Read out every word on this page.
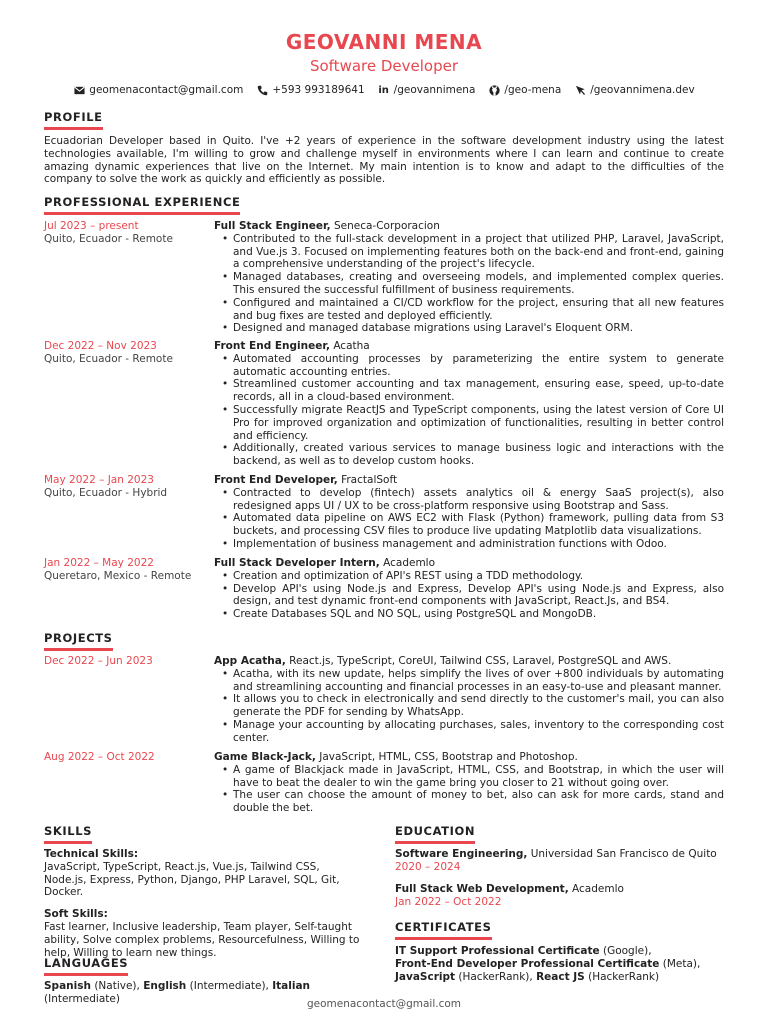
GEOVANNI MENA
Software Developer
geomenacontact@gmail.com	+593 993189641 in /geovannimena	/geo-mena	/geovannimena.dev
PROFILE
Ecuadorian Developer based in Quito. I've +2 years of experience in the software development industry using the latest technologies available, I'm willing to grow and challenge myself in environments where I can learn and continue to create amazing dynamic experiences that live on the Internet. My main intention is to know and adapt to the difficulties of the company to solve the work as quickly and efficiently as possible.
PROFESSIONAL EXPERIENCE
Jul 2023 – present
Quito, Ecuador - Remote
Full Stack Engineer, Seneca-Corporacion
• Contributed to the full-stack development in a project that utilized PHP, Laravel, JavaScript, and Vue.js 3. Focused on implementing features both on the back-end and front-end, gaining a comprehensive understanding of the project's lifecycle.
• Managed databases, creating and overseeing models, and implemented complex queries. This ensured the successful fulfillment of business requirements.
• Configured and maintained a CI/CD workflow for the project, ensuring that all new features and bug fixes are tested and deployed efficiently.
• Designed and managed database migrations using Laravel's Eloquent ORM.
Dec 2022 – Nov 2023
Quito, Ecuador - Remote
Front End Engineer, Acatha
• Automated accounting processes by parameterizing the entire system to generate automatic accounting entries.
• Streamlined customer accounting and tax management, ensuring ease, speed, up-to-date records, all in a cloud-based environment.
• Successfully migrate ReactJS and TypeScript components, using the latest version of Core UI Pro for improved organization and optimization of functionalities, resulting in better control and efficiency.
• Additionally, created various services to manage business logic and interactions with the backend, as well as to develop custom hooks.
May 2022 – Jan 2023
Quito, Ecuador - Hybrid
Front End Developer, FractalSoft
• Contracted to develop (fintech) assets analytics oil & energy SaaS project(s), also redesigned apps UI / UX to be cross-platform responsive using Bootstrap and Sass.
• Automated data pipeline on AWS EC2 with Flask (Python) framework, pulling data from S3 buckets, and processing CSV files to produce live updating Matplotlib data visualizations.
• Implementation of business management and administration functions with Odoo.
Jan 2022 – May 2022
Queretaro, Mexico - Remote
Full Stack Developer Intern, Academlo
• Creation and optimization of API's REST using a TDD methodology.
• Develop API's using Node.js and Express, Develop API's using Node.js and Express, also design, and test dynamic front-end components with JavaScript, React.Js, and BS4.
• Create Databases SQL and NO SQL, using PostgreSQL and MongoDB.
PROJECTS
Dec 2022 – Jun 2023	App Acatha, React.js, TypeScript, CoreUI, Tailwind CSS, Laravel, PostgreSQL and AWS.
• Acatha, with its new update, helps simplify the lives of over +800 individuals by automating and streamlining accounting and financial processes in an easy-to-use and pleasant manner.
• It allows you to check in electronically and send directly to the customer's mail, you can also generate the PDF for sending by WhatsApp.
• Manage your accounting by allocating purchases, sales, inventory to the corresponding cost center.
Aug 2022 – Oct 2022	Game Black-Jack, JavaScript, HTML, CSS, Bootstrap and Photoshop.
• A game of Blackjack made in JavaScript, HTML, CSS, and Bootstrap, in which the user will have to beat the dealer to win the game bring you closer to 21 without going over.
• The user can choose the amount of money to bet, also can ask for more cards, stand and double the bet.
SKILLS
Technical Skills:
JavaScript, TypeScript, React.js, Vue.js, Tailwind CSS, Node.js, Express, Python, Django, PHP Laravel, SQL, Git, Docker.
Soft Skills:
Fast learner, Inclusive leadership, Team player, Self-taught ability, Solve complex problems, Resourcefulness, Willing to help, Willing to learn new things.
LANGUAGES
Spanish (Native), English (Intermediate), Italian (Intermediate)
EDUCATION
Software Engineering, Universidad San Francisco de Quito
2020 – 2024
Full Stack Web Development, Academlo
Jan 2022 – Oct 2022
CERTIFICATES
IT Support Professional Certificate (Google),
Front-End Developer Professional Certificate (Meta),
JavaScript (HackerRank), React JS (HackerRank)
geomenacontact@gmail.com
